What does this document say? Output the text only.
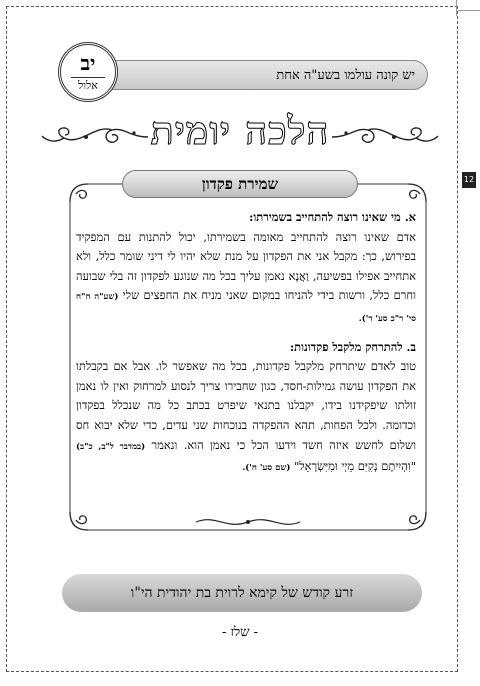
12
יש קונה עולמו בשע"ה אחת
יב
אלול
הלכה יומית
שמירת פקדון

א. מי שאינו רוצה להתחייב בשמירתו:

אדם שאינו רוצה להתחייב מאומה בשמירתו, יכול להתנות עם המפקיד בפירוש, כך: מקבל אני את הפקדון על מנת שלא יהיו לי דיני שומר כלל, ולא אתחייב אפילו בפשיעה, וַאֲנָא נאמן עליך בכל מה שנוגע לפקדון זה בלי שבועה וחרם כלל, ורשות בידי להניחו במקום שאני מניח את החפצים שלי (שע"ה ח"ח סי' ר"כ סע' ד').

ב. להתרחק מלקבל פקדונות:

טוב לאדם שיתרחק מלקבל פקדונות, בכל מה שאפשר לו. אבל אם בקבלתו את הפקדון עושה גמילות-חסד, כגון שחבירו צריך לנסוע למרחוק ואין לו נאמן זולתו שיפקידנו בידו, יקבלנו בתנאי שיפרט בכתב כל מה שנכלל בפקדון וכדומה. ולכל הפחות, תהא ההפקדה בנוכחות שני עדים, כדי שלא יבוא חס ושלום לחשש איזה חשד וידעו הכל כי נאמן הוא. ונאמר (במדבר ל"ב, כ"ב) "וִהְיִיתֶם נְקִיִּם מֵיְי וּמִיִּשְׂרָאֵל" (שם סע' ח').

זרע קודש של קימא לרוית בת יהודית הי"ו
- שלז -
